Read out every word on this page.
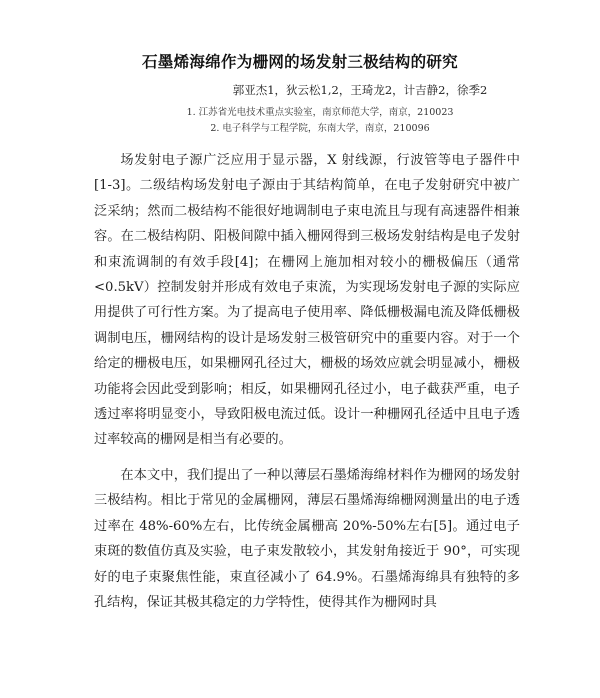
石墨烯海绵作为栅网的场发射三极结构的研究
郭亚杰1，狄云松1,2，王琦龙2，计吉静2，徐季2
1. 江苏省光电技术重点实验室，南京师范大学，南京，210023
2. 电子科学与工程学院，东南大学，南京，210096

场发射电子源广泛应用于显示器，X 射线源，行波管等电子器件中[1-3]。二级结构场发射电子源由于其结构简单，在电子发射研究中被广泛采纳；然而二极结构不能很好地调制电子束电流且与现有高速器件相兼容。在二极结构阴、阳极间隙中插入栅网得到三极场发射结构是电子发射和束流调制的有效手段[4]；在栅网上施加相对较小的栅极偏压（通常<0.5kV）控制发射并形成有效电子束流，为实现场发射电子源的实际应用提供了可行性方案。为了提高电子使用率、降低栅极漏电流及降低栅极调制电压，栅网结构的设计是场发射三极管研究中的重要内容。对于一个给定的栅极电压，如果栅网孔径过大，栅极的场效应就会明显减小，栅极功能将会因此受到影响；相反，如果栅网孔径过小，电子截获严重，电子透过率将明显变小，导致阳极电流过低。设计一种栅网孔径适中且电子透过率较高的栅网是相当有必要的。

在本文中，我们提出了一种以薄层石墨烯海绵材料作为栅网的场发射三极结构。相比于常见的金属栅网，薄层石墨烯海绵栅网测量出的电子透过率在 48%-60%左右，比传统金属栅高 20%-50%左右[5]。通过电子束斑的数值仿真及实验，电子束发散较小，其发射角接近于 90°，可实现好的电子束聚焦性能，束直径减小了 64.9%。石墨烯海绵具有独特的多孔结构，保证其极其稳定的力学特性，使得其作为栅网时具
